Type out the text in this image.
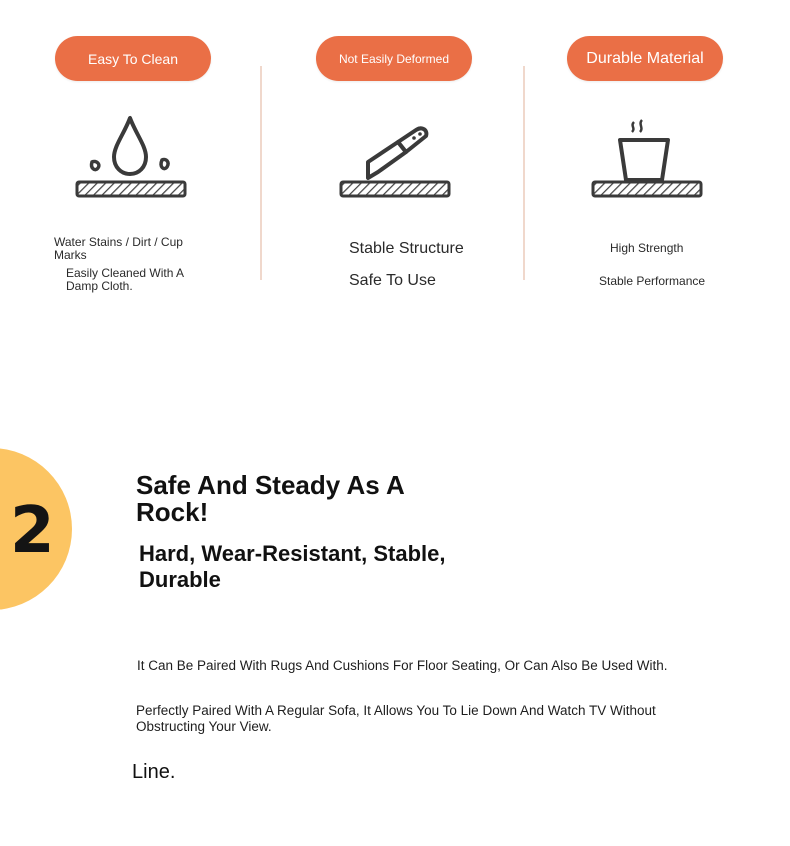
Easy To Clean	Not Easily Deformed	Durable Material
Water Stains / Dirt / Cup
Marks
Easily Cleaned With A
Damp Cloth.
Stable Structure
Safe To Use
High Strength
Stable Performance
2
Safe And Steady As A
Rock!
Hard, Wear-Resistant, Stable,
Durable
It Can Be Paired With Rugs And Cushions For Floor Seating, Or Can Also Be Used With.
Perfectly Paired With A Regular Sofa, It Allows You To Lie Down And Watch TV Without
Obstructing Your View.
Line.
